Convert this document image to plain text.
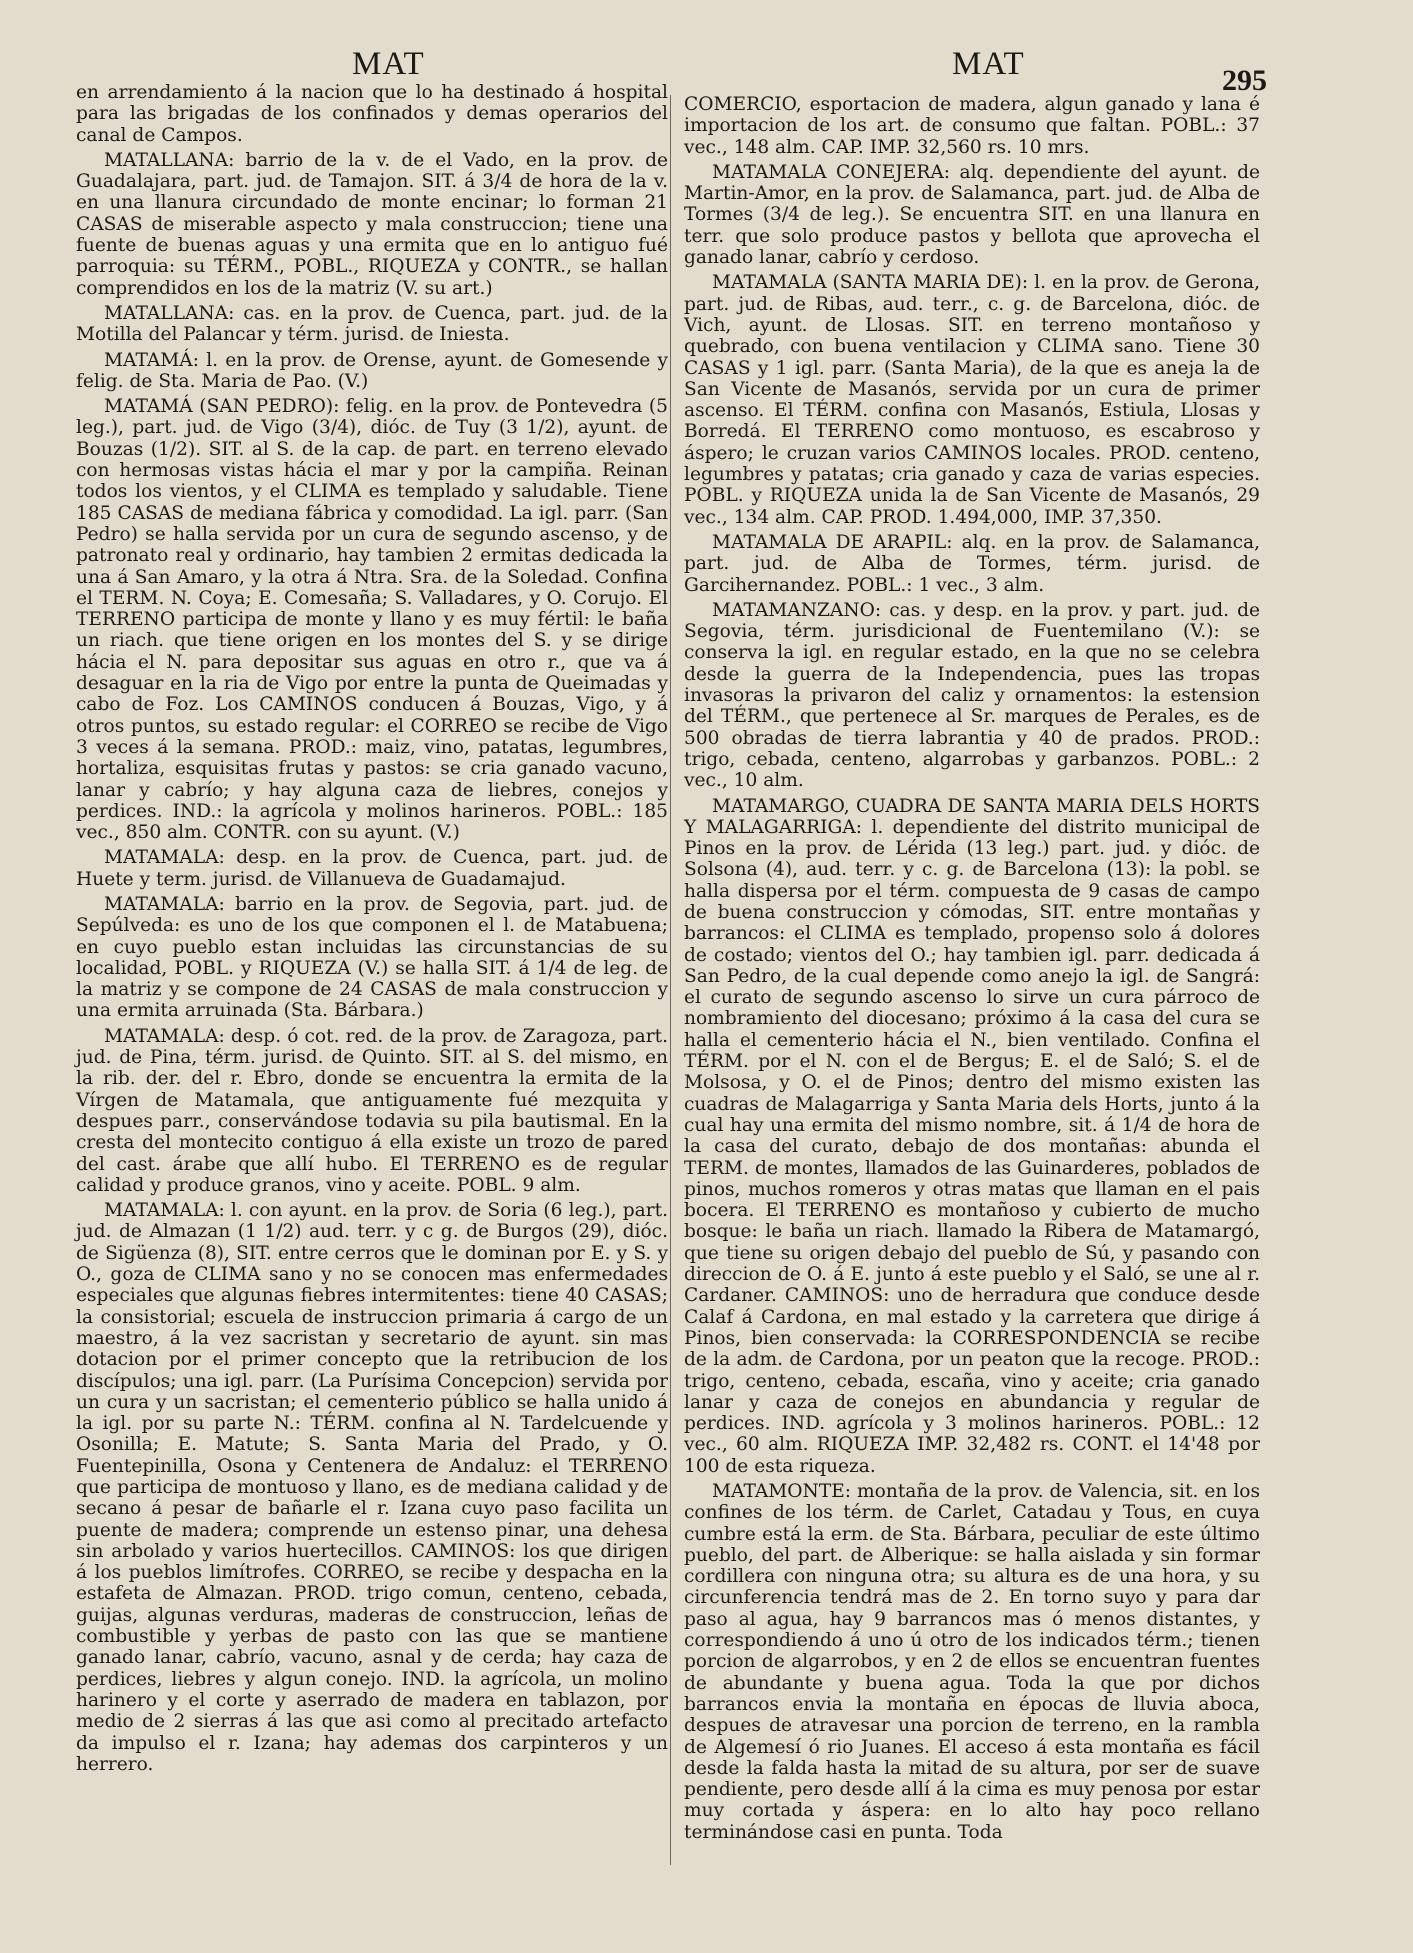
MAT	MAT	295

en arrendamiento á la nacion que lo ha destinado á hospital para las brigadas de los confinados y demas operarios del canal de Campos.

MATALLANA: barrio de la v. de el Vado, en la prov. de Guadalajara, part. jud. de Tamajon. SIT. á 3/4 de hora de la v. en una llanura circundado de monte encinar; lo forman 21 CASAS de miserable aspecto y mala construccion; tiene una fuente de buenas aguas y una ermita que en lo antiguo fué parroquia: su TÉRM., POBL., RIQUEZA y CONTR., se hallan comprendidos en los de la matriz (V. su art.)

MATALLANA: cas. en la prov. de Cuenca, part. jud. de la Motilla del Palancar y térm. jurisd. de Iniesta.

MATAMÁ: l. en la prov. de Orense, ayunt. de Gomesende y felig. de Sta. Maria de Pao. (V.)

MATAMÁ (SAN PEDRO): felig. en la prov. de Pontevedra (5 leg.), part. jud. de Vigo (3/4), dióc. de Tuy (3 1/2), ayunt. de Bouzas (1/2). SIT. al S. de la cap. de part. en terreno elevado con hermosas vistas hácia el mar y por la campiña. Reinan todos los vientos, y el CLIMA es templado y saludable. Tiene 185 CASAS de mediana fábrica y comodidad. La igl. parr. (San Pedro) se halla servida por un cura de segundo ascenso, y de patronato real y ordinario, hay tambien 2 ermitas dedicada la una á San Amaro, y la otra á Ntra. Sra. de la Soledad. Confina el TERM. N. Coya; E. Comesaña; S. Valladares, y O. Corujo. El TERRENO participa de monte y llano y es muy fértil: le baña un riach. que tiene origen en los montes del S. y se dirige hácia el N. para depositar sus aguas en otro r., que va á desaguar en la ria de Vigo por entre la punta de Queimadas y cabo de Foz. Los CAMINOS conducen á Bouzas, Vigo, y á otros puntos, su estado regular: el CORREO se recibe de Vigo 3 veces á la semana. PROD.: maiz, vino, patatas, legumbres, hortaliza, esquisitas frutas y pastos: se cria ganado vacuno, lanar y cabrío; y hay alguna caza de liebres, conejos y perdices. IND.: la agrícola y molinos harineros. POBL.: 185 vec., 850 alm. CONTR. con su ayunt. (V.)

MATAMALA: desp. en la prov. de Cuenca, part. jud. de Huete y term. jurisd. de Villanueva de Guadamajud.

MATAMALA: barrio en la prov. de Segovia, part. jud. de Sepúlveda: es uno de los que componen el l. de Matabuena; en cuyo pueblo estan incluidas las circunstancias de su localidad, POBL. y RIQUEZA (V.) se halla SIT. á 1/4 de leg. de la matriz y se compone de 24 CASAS de mala construccion y una ermita arruinada (Sta. Bárbara.)

MATAMALA: desp. ó cot. red. de la prov. de Zaragoza, part. jud. de Pina, térm. jurisd. de Quinto. SIT. al S. del mismo, en la rib. der. del r. Ebro, donde se encuentra la ermita de la Vírgen de Matamala, que antiguamente fué mezquita y despues parr., conservándose todavia su pila bautismal. En la cresta del montecito contiguo á ella existe un trozo de pared del cast. árabe que allí hubo. El TERRENO es de regular calidad y produce granos, vino y aceite. POBL. 9 alm.

MATAMALA: l. con ayunt. en la prov. de Soria (6 leg.), part. jud. de Almazan (1 1/2) aud. terr. y c g. de Burgos (29), dióc. de Sigüenza (8), SIT. entre cerros que le dominan por E. y S. y O., goza de CLIMA sano y no se conocen mas enfermedades especiales que algunas fiebres intermitentes: tiene 40 CASAS; la consistorial; escuela de instruccion primaria á cargo de un maestro, á la vez sacristan y secretario de ayunt. sin mas dotacion por el primer concepto que la retribucion de los discípulos; una igl. parr. (La Purísima Concepcion) servida por un cura y un sacristan; el cementerio público se halla unido á la igl. por su parte N.: TÉRM. confina al N. Tardelcuende y Osonilla; E. Matute; S. Santa Maria del Prado, y O. Fuentepinilla, Osona y Centenera de Andaluz: el TERRENO que participa de montuoso y llano, es de mediana calidad y de secano á pesar de bañarle el r. Izana cuyo paso facilita un puente de madera; comprende un estenso pinar, una dehesa sin arbolado y varios huertecillos. CAMINOS: los que dirigen á los pueblos limítrofes. CORREO, se recibe y despacha en la estafeta de Almazan. PROD. trigo comun, centeno, cebada, guijas, algunas verduras, maderas de construccion, leñas de combustible y yerbas de pasto con las que se mantiene ganado lanar, cabrío, vacuno, asnal y de cerda; hay caza de perdices, liebres y algun conejo. IND. la agrícola, un molino harinero y el corte y aserrado de madera en tablazon, por medio de 2 sierras á las que asi como al precitado artefacto da impulso el r. Izana; hay ademas dos carpinteros y un herrero.

COMERCIO, esportacion de madera, algun ganado y lana é importacion de los art. de consumo que faltan. POBL.: 37 vec., 148 alm. CAP. IMP. 32,560 rs. 10 mrs.

MATAMALA CONEJERA: alq. dependiente del ayunt. de Martin-Amor, en la prov. de Salamanca, part. jud. de Alba de Tormes (3/4 de leg.). Se encuentra SIT. en una llanura en terr. que solo produce pastos y bellota que aprovecha el ganado lanar, cabrío y cerdoso.

MATAMALA (SANTA MARIA DE): l. en la prov. de Gerona, part. jud. de Ribas, aud. terr., c. g. de Barcelona, dióc. de Vich, ayunt. de Llosas. SIT. en terreno montañoso y quebrado, con buena ventilacion y CLIMA sano. Tiene 30 CASAS y 1 igl. parr. (Santa Maria), de la que es aneja la de San Vicente de Masanós, servida por un cura de primer ascenso. El TÉRM. confina con Masanós, Estiula, Llosas y Borredá. El TERRENO como montuoso, es escabroso y áspero; le cruzan varios CAMINOS locales. PROD. centeno, legumbres y patatas; cria ganado y caza de varias especies. POBL. y RIQUEZA unida la de San Vicente de Masanós, 29 vec., 134 alm. CAP. PROD. 1.494,000, IMP. 37,350.

MATAMALA DE ARAPIL: alq. en la prov. de Salamanca, part. jud. de Alba de Tormes, térm. jurisd. de Garcihernandez. POBL.: 1 vec., 3 alm.

MATAMANZANO: cas. y desp. en la prov. y part. jud. de Segovia, térm. jurisdicional de Fuentemilano (V.): se conserva la igl. en regular estado, en la que no se celebra desde la guerra de la Independencia, pues las tropas invasoras la privaron del caliz y ornamentos: la estension del TÉRM., que pertenece al Sr. marques de Perales, es de 500 obradas de tierra labrantia y 40 de prados. PROD.: trigo, cebada, centeno, algarrobas y garbanzos. POBL.: 2 vec., 10 alm.

MATAMARGO, CUADRA DE SANTA MARIA DELS HORTS Y MALAGARRIGA: l. dependiente del distrito municipal de Pinos en la prov. de Lérida (13 leg.) part. jud. y dióc. de Solsona (4), aud. terr. y c. g. de Barcelona (13): la pobl. se halla dispersa por el térm. compuesta de 9 casas de campo de buena construccion y cómodas, SIT. entre montañas y barrancos: el CLIMA es templado, propenso solo á dolores de costado; vientos del O.; hay tambien igl. parr. dedicada á San Pedro, de la cual depende como anejo la igl. de Sangrá: el curato de segundo ascenso lo sirve un cura párroco de nombramiento del diocesano; próximo á la casa del cura se halla el cementerio hácia el N., bien ventilado. Confina el TÉRM. por el N. con el de Bergus; E. el de Saló; S. el de Molsosa, y O. el de Pinos; dentro del mismo existen las cuadras de Malagarriga y Santa Maria dels Horts, junto á la cual hay una ermita del mismo nombre, sit. á 1/4 de hora de la casa del curato, debajo de dos montañas: abunda el TERM. de montes, llamados de las Guinarderes, poblados de pinos, muchos romeros y otras matas que llaman en el pais bocera. El TERRENO es montañoso y cubierto de mucho bosque: le baña un riach. llamado la Ribera de Matamargó, que tiene su origen debajo del pueblo de Sú, y pasando con direccion de O. á E. junto á este pueblo y el Saló, se une al r. Cardaner. CAMINOS: uno de herradura que conduce desde Calaf á Cardona, en mal estado y la carretera que dirige á Pinos, bien conservada: la CORRESPONDENCIA se recibe de la adm. de Cardona, por un peaton que la recoge. PROD.: trigo, centeno, cebada, escaña, vino y aceite; cria ganado lanar y caza de conejos en abundancia y regular de perdices. IND. agrícola y 3 molinos harineros. POBL.: 12 vec., 60 alm. RIQUEZA IMP. 32,482 rs. CONT. el 14'48 por 100 de esta riqueza.

MATAMONTE: montaña de la prov. de Valencia, sit. en los confines de los térm. de Carlet, Catadau y Tous, en cuya cumbre está la erm. de Sta. Bárbara, peculiar de este último pueblo, del part. de Alberique: se halla aislada y sin formar cordillera con ninguna otra; su altura es de una hora, y su circunferencia tendrá mas de 2. En torno suyo y para dar paso al agua, hay 9 barrancos mas ó menos distantes, y correspondiendo á uno ú otro de los indicados térm.; tienen porcion de algarrobos, y en 2 de ellos se encuentran fuentes de abundante y buena agua. Toda la que por dichos barrancos envia la montaña en épocas de lluvia aboca, despues de atravesar una porcion de terreno, en la rambla de Algemesí ó rio Juanes. El acceso á esta montaña es fácil desde la falda hasta la mitad de su altura, por ser de suave pendiente, pero desde allí á la cima es muy penosa por estar muy cortada y áspera: en lo alto hay poco rellano terminándose casi en punta. Toda
